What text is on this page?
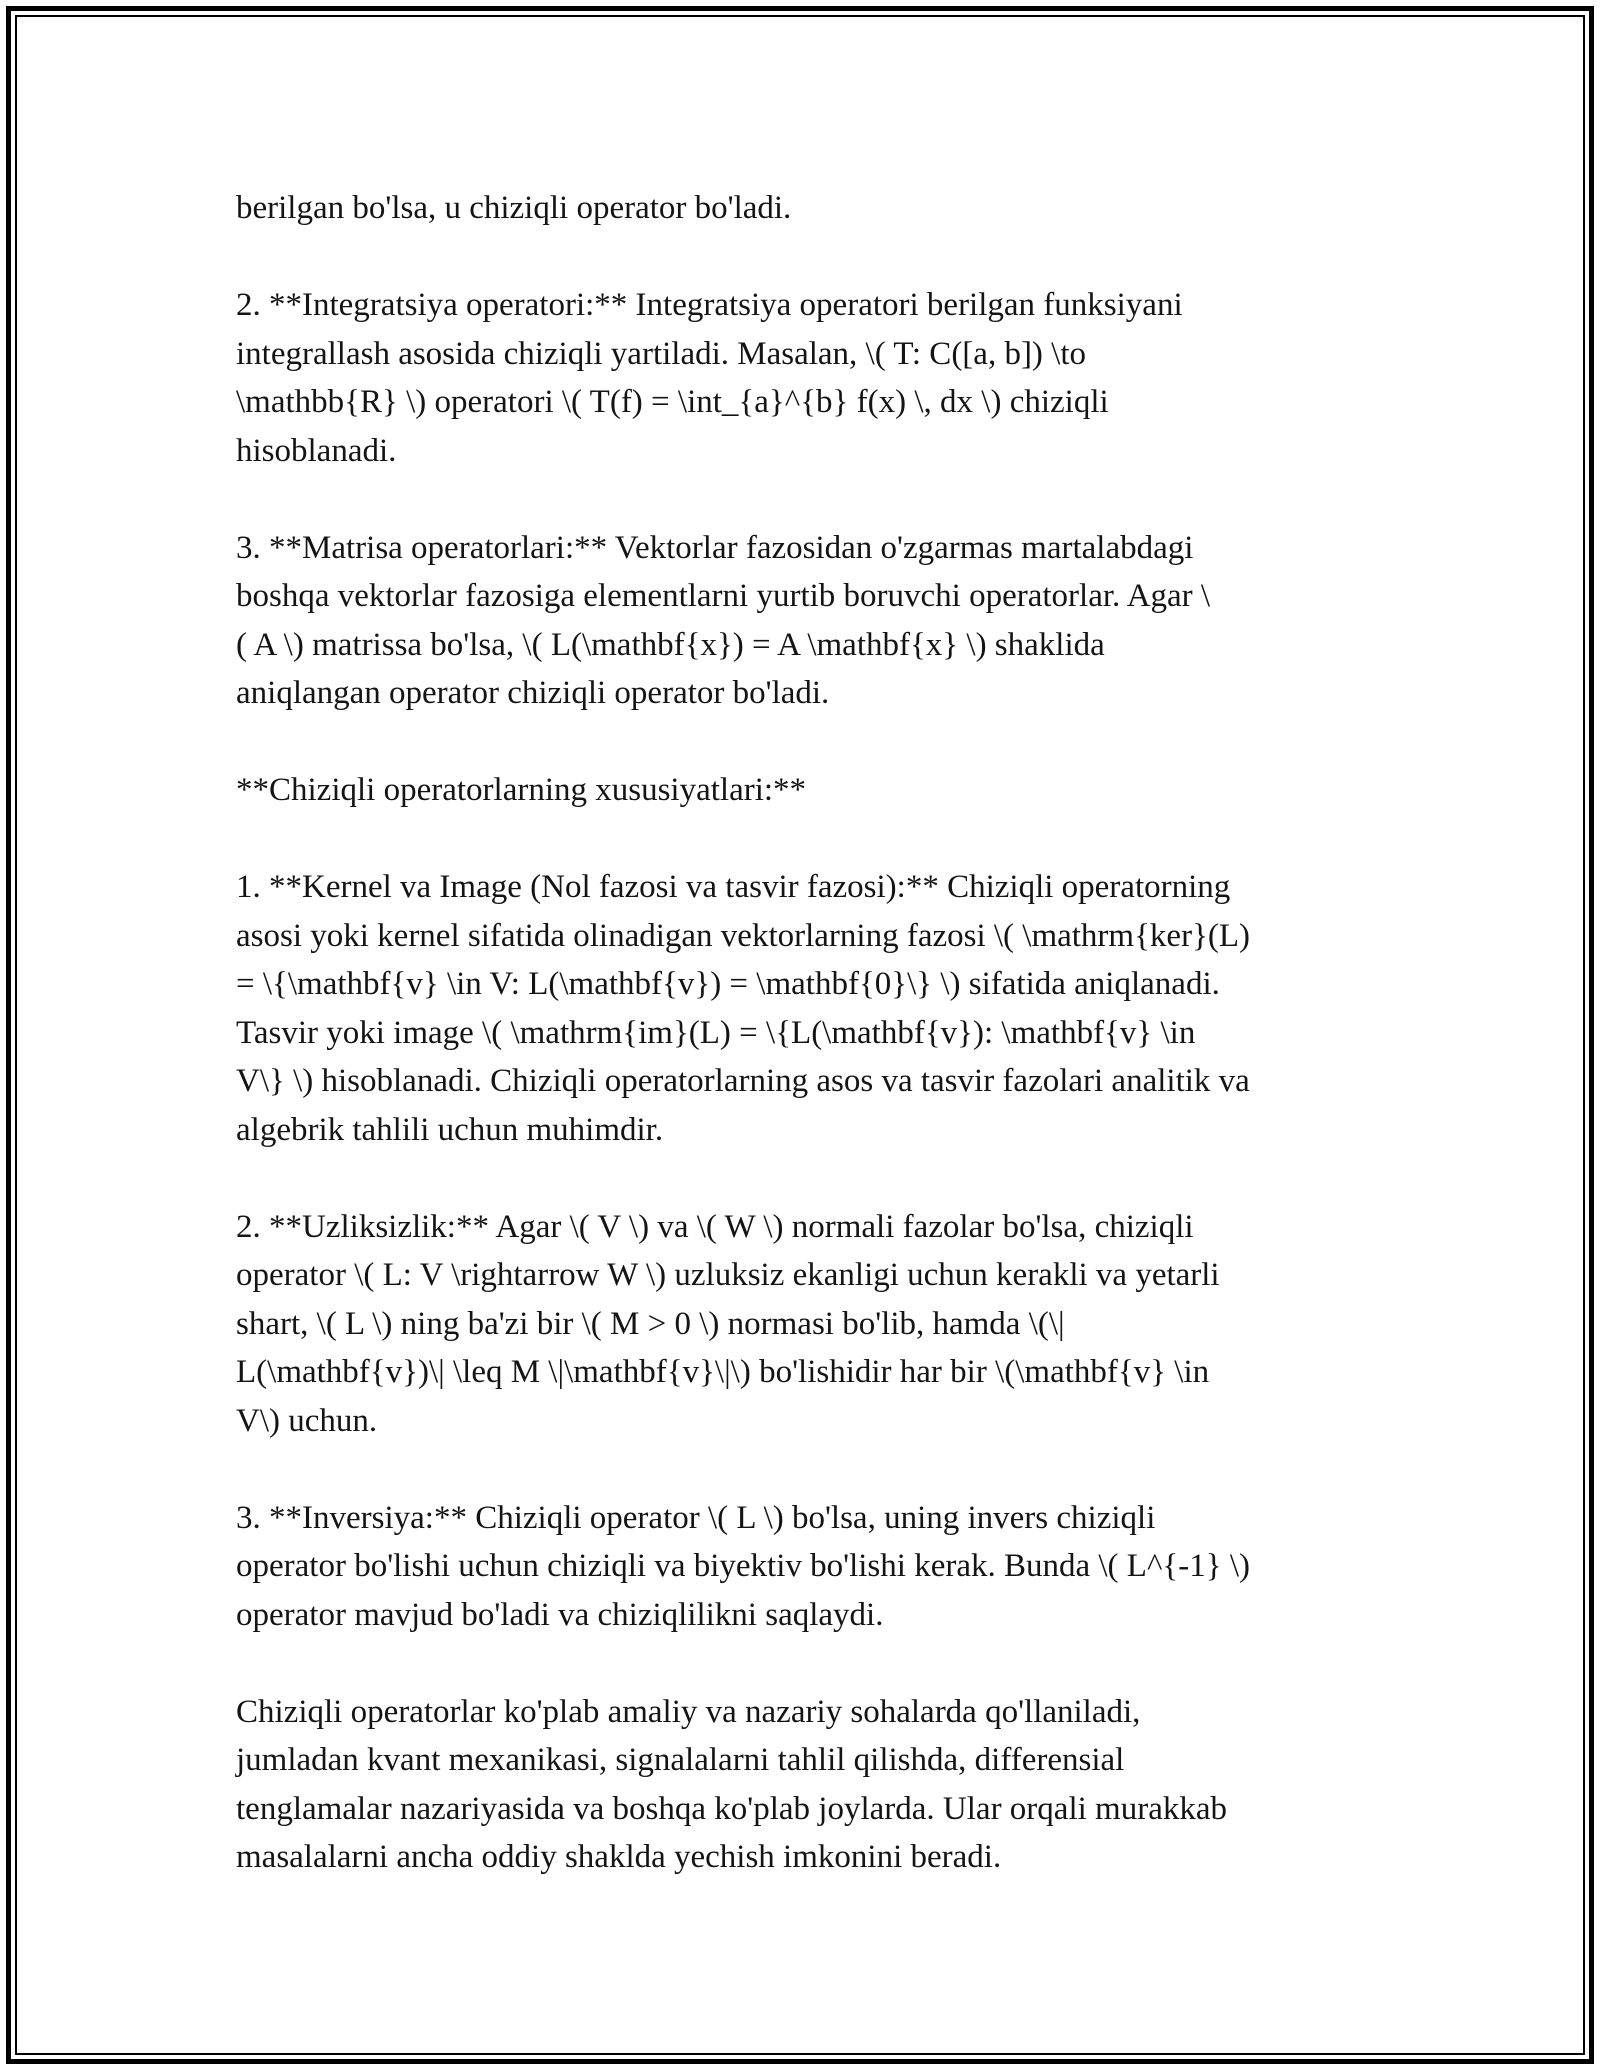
berilgan bo'lsa, u chiziqli operator bo'ladi.

2. **Integratsiya operatori:** Integratsiya operatori berilgan funksiyani
integrallash asosida chiziqli yartiladi. Masalan, \( T: C([a, b]) \to
\mathbb{R} \) operatori \( T(f) = \int_{a}^{b} f(x) \, dx \) chiziqli
hisoblanadi.

3. **Matrisa operatorlari:** Vektorlar fazosidan o'zgarmas martalabdagi
boshqa vektorlar fazosiga elementlarni yurtib boruvchi operatorlar. Agar \
( A \) matrissa bo'lsa, \( L(\mathbf{x}) = A \mathbf{x} \) shaklida
aniqlangan operator chiziqli operator bo'ladi.

**Chiziqli operatorlarning xususiyatlari:**

1. **Kernel va Image (Nol fazosi va tasvir fazosi):** Chiziqli operatorning
asosi yoki kernel sifatida olinadigan vektorlarning fazosi \( \mathrm{ker}(L)
= \{\mathbf{v} \in V: L(\mathbf{v}) = \mathbf{0}\} \) sifatida aniqlanadi.
Tasvir yoki image \( \mathrm{im}(L) = \{L(\mathbf{v}): \mathbf{v} \in
V\} \) hisoblanadi. Chiziqli operatorlarning asos va tasvir fazolari analitik va
algebrik tahlili uchun muhimdir.

2. **Uzliksizlik:** Agar \( V \) va \( W \) normali fazolar bo'lsa, chiziqli
operator \( L: V \rightarrow W \) uzluksiz ekanligi uchun kerakli va yetarli
shart, \( L \) ning ba'zi bir \( M > 0 \) normasi bo'lib, hamda \(\|
L(\mathbf{v})\| \leq M \|\mathbf{v}\|\) bo'lishidir har bir \(\mathbf{v} \in
V\) uchun.

3. **Inversiya:** Chiziqli operator \( L \) bo'lsa, uning invers chiziqli
operator bo'lishi uchun chiziqli va biyektiv bo'lishi kerak. Bunda \( L^{-1} \)
operator mavjud bo'ladi va chiziqlilikni saqlaydi.

Chiziqli operatorlar ko'plab amaliy va nazariy sohalarda qo'llaniladi,
jumladan kvant mexanikasi, signalalarni tahlil qilishda, differensial
tenglamalar nazariyasida va boshqa ko'plab joylarda. Ular orqali murakkab
masalalarni ancha oddiy shakldа yechish imkonini beradi.
